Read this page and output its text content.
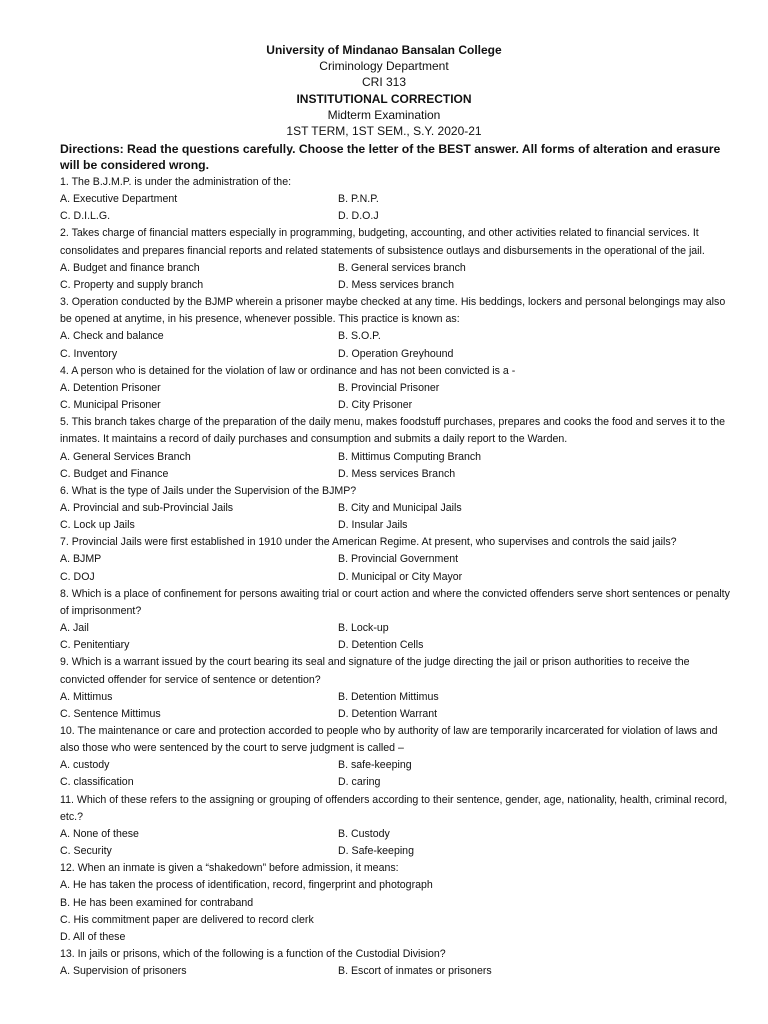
University of Mindanao Bansalan College
Criminology Department
CRI 313
INSTITUTIONAL CORRECTION
Midterm Examination
1ST TERM, 1ST SEM., S.Y. 2020-21
Directions: Read the questions carefully. Choose the letter of the BEST answer. All forms of alteration and erasure will be considered wrong.
1. The B.J.M.P. is under the administration of the:
A. Executive Department	B. P.N.P.
C. D.I.L.G.	D. D.O.J
2. Takes charge of financial matters especially in programming, budgeting, accounting, and other activities related to financial services. It consolidates and prepares financial reports and related statements of subsistence outlays and disbursements in the operational of the jail.
A. Budget and finance branch	B. General services branch
C. Property and supply branch	D. Mess services branch
3. Operation conducted by the BJMP wherein a prisoner maybe checked at any time. His beddings, lockers and personal belongings may also be opened at anytime, in his presence, whenever possible. This practice is known as:
A. Check and balance	B. S.O.P.
C. Inventory	D. Operation Greyhound
4. A person who is detained for the violation of law or ordinance and has not been convicted is a -
A. Detention Prisoner	B. Provincial Prisoner
C. Municipal Prisoner	D. City Prisoner
5. This branch takes charge of the preparation of the daily menu, makes foodstuff purchases, prepares and cooks the food and serves it to the inmates. It maintains a record of daily purchases and consumption and submits a daily report to the Warden.
A. General Services Branch	B. Mittimus Computing Branch
C. Budget and Finance	D. Mess services Branch
6. What is the type of Jails under the Supervision of the BJMP?
A. Provincial and sub-Provincial Jails	B. City and Municipal Jails
C. Lock up Jails	D. Insular Jails
7. Provincial Jails were first established in 1910 under the American Regime. At present, who supervises and controls the said jails?
A. BJMP	B. Provincial Government
C. DOJ	D. Municipal or City Mayor
8. Which is a place of confinement for persons awaiting trial or court action and where the convicted offenders serve short sentences or penalty of imprisonment?
A. Jail	B. Lock-up
C. Penitentiary	D. Detention Cells
9. Which is a warrant issued by the court bearing its seal and signature of the judge directing the jail or prison authorities to receive the convicted offender for service of sentence or detention?
A. Mittimus	B. Detention Mittimus
C. Sentence Mittimus	D. Detention Warrant
10. The maintenance or care and protection accorded to people who by authority of law are temporarily incarcerated for violation of laws and also those who were sentenced by the court to serve judgment is called –
A. custody	B. safe-keeping
C. classification	D. caring
11. Which of these refers to the assigning or grouping of offenders according to their sentence, gender, age, nationality, health, criminal record, etc.?
A. None of these	B. Custody
C. Security	D. Safe-keeping
12. When an inmate is given a “shakedown” before admission, it means:
A. He has taken the process of identification, record, fingerprint and photograph
B. He has been examined for contraband
C. His commitment paper are delivered to record clerk
D. All of these
13. In jails or prisons, which of the following is a function of the Custodial Division?
A. Supervision of prisoners	B. Escort of inmates or prisoners
